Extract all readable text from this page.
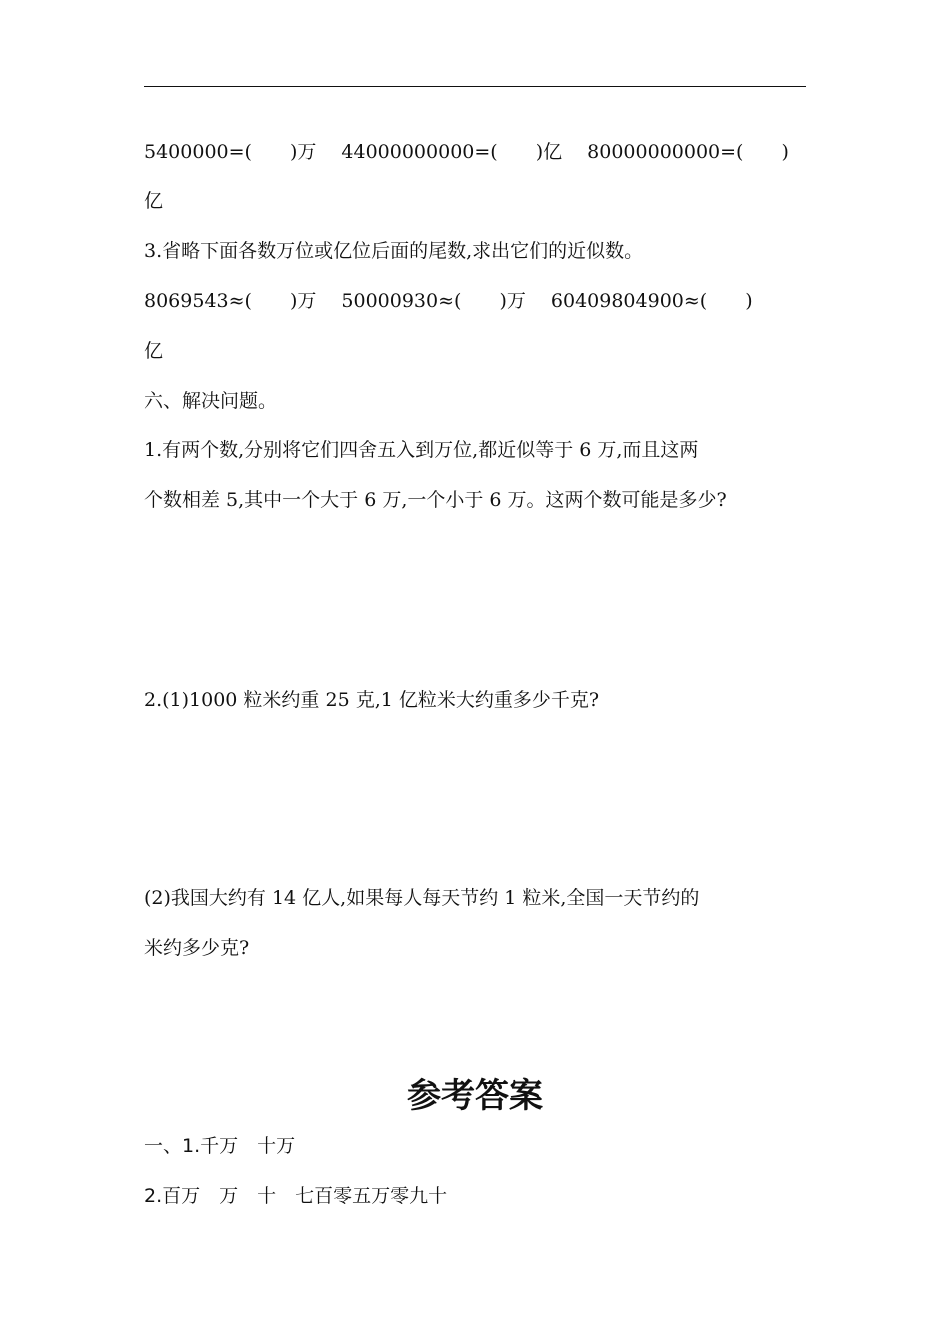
5400000=(　　)万　 44000000000=(　　)亿　 80000000000=(　　)
亿
3.省略下面各数万位或亿位后面的尾数,求出它们的近似数。
8069543≈(　　)万　 50000930≈(　　)万　 60409804900≈(　　)
亿
六、解决问题。
1.有两个数,分别将它们四舍五入到万位,都近似等于 6 万,而且这两
个数相差 5,其中一个大于 6 万,一个小于 6 万。这两个数可能是多少?
2.(1)1000 粒米约重 25 克,1 亿粒米大约重多少千克?
(2)我国大约有 14 亿人,如果每人每天节约 1 粒米,全国一天节约的
米约多少克?
参考答案
一、1.千万　十万
2.百万　万　十　七百零五万零九十
